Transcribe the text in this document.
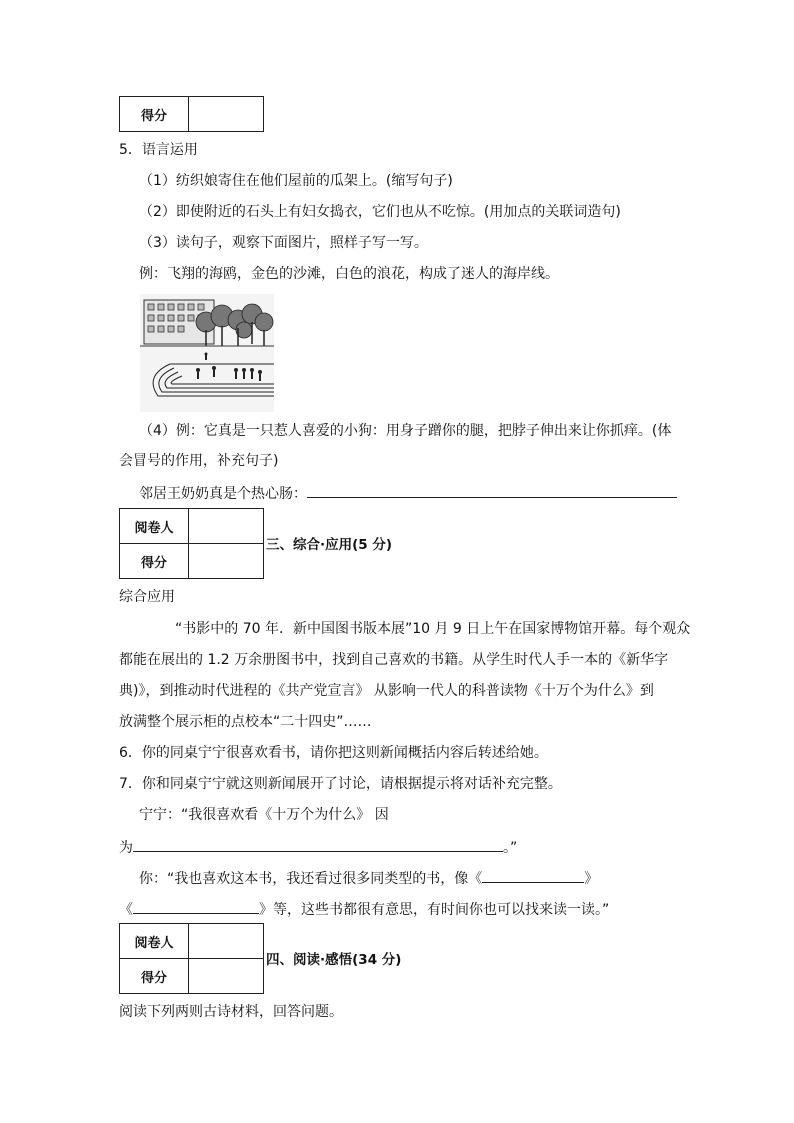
得分	
5．语言运用
（1）纺织娘寄住在他们屋前的瓜架上。(缩写句子)
（2）即使附近的石头上有妇女捣衣，它们也从不吃惊。(用加点的关联词造句)
（3）读句子，观察下面图片，照样子写一写。
例：飞翔的海鸥，金色的沙滩，白色的浪花，构成了迷人的海岸线。
（4）例：它真是一只惹人喜爱的小狗：用身子蹭你的腿，把脖子伸出来让你抓痒。(体
会冒号的作用，补充句子)
邻居王奶奶真是个热心肠：
阅卷人	
得分	
三、综合·应用(5 分)
综合应用
“书影中的 70 年．新中国图书版本展”10 月 9 日上午在国家博物馆开幕。每个观众
都能在展出的 1.2 万余册图书中，找到自己喜欢的书籍。从学生时代人手一本的《新华字
典)》，到推动时代进程的《共产党宣言》 从影响一代人的科普读物《十万个为什么》到
放满整个展示柜的点校本“二十四史”……
6．你的同桌宁宁很喜欢看书，请你把这则新闻概括内容后转述给她。
7．你和同桌宁宁就这则新闻展开了讨论，请根据提示将对话补充完整。
宁宁：“我很喜欢看《十万个为什么》 因
为	。”
你：“我也喜欢这本书，我还看过很多同类型的书，像《	》
《	》等，这些书都很有意思，有时间你也可以找来读一读。”
阅卷人	
得分	
四、阅读·感悟(34 分)
阅读下列两则古诗材料，回答问题。
